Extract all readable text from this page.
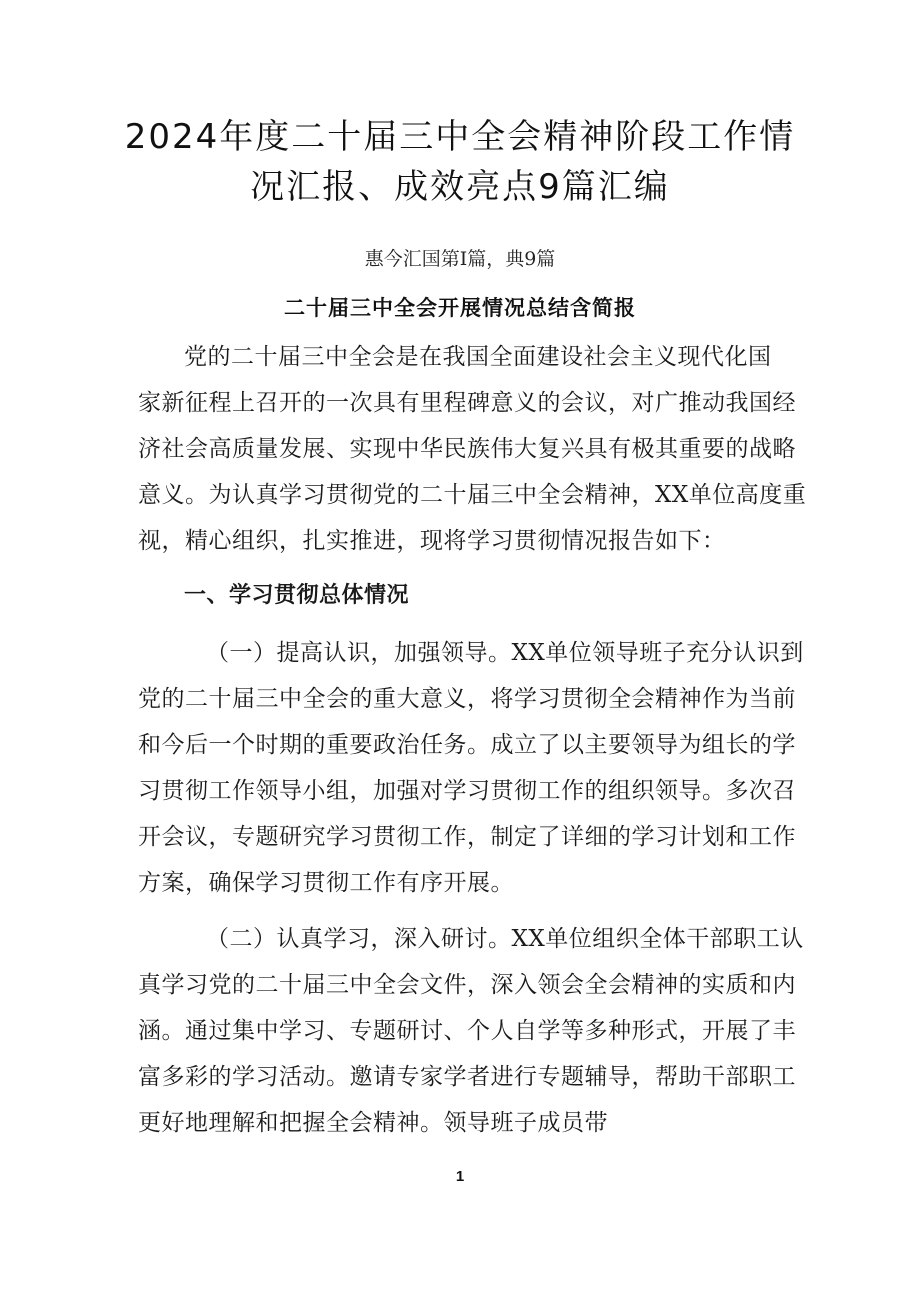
2024年度二十届三中全会精神阶段工作情
况汇报、成效亮点9篇汇编

惠今汇国第Ⅰ篇，典9篇

二十届三中全会开展情况总结含简报

党的二十届三中全会是在我国全面建设社会主义现代化国

家新征程上召开的一次具有里程碑意义的会议，对广推动我国经

济社会高质量发展、实现中华民族伟大复兴具有极其重要的战略

意义。为认真学习贯彻党的二十届三中全会精神，XX单位高度重

视，精心组织，扎实推进，现将学习贯彻情况报告如下：

一、学习贯彻总体情况

（一）提高认识，加强领导。XX单位领导班子充分认识到

党的二十届三中全会的重大意义，将学习贯彻全会精神作为当前

和今后一个时期的重要政治任务。成立了以主要领导为组长的学

习贯彻工作领导小组，加强对学习贯彻工作的组织领导。多次召

开会议，专题研究学习贯彻工作，制定了详细的学习计划和工作

方案，确保学习贯彻工作有序开展。

（二）认真学习，深入研讨。XX单位组织全体干部职工认

真学习党的二十届三中全会文件，深入领会全会精神的实质和内

涵。通过集中学习、专题研讨、个人自学等多种形式，开展了丰

富多彩的学习活动。邀请专家学者进行专题辅导，帮助干部职工

更好地理解和把握全会精神。领导班子成员带

1
